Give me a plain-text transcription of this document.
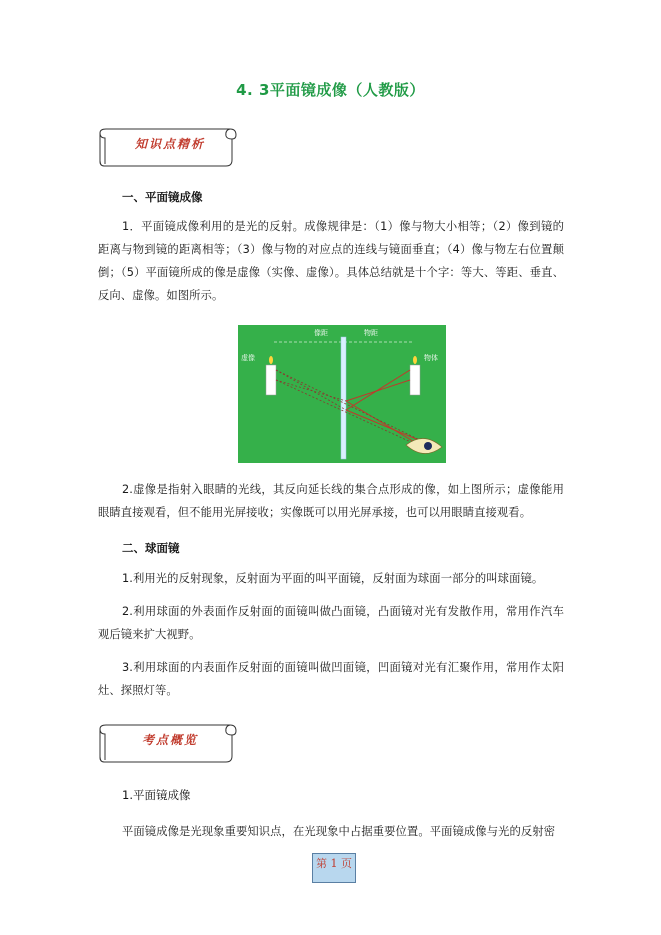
4. 3平面镜成像（人教版）
知识点精析
一、平面镜成像
1．平面镜成像利用的是光的反射。成像规律是：（1）像与物大小相等；（2）像到镜的距离与物到镜的距离相等；（3）像与物的对应点的连线与镜面垂直；（4）像与物左右位置颠倒；（5）平面镜所成的像是虚像（实像、虚像）。具体总结就是十个字：等大、等距、垂直、反向、虚像。如图所示。
像距	物距
虚像	物体
2.虚像是指射入眼睛的光线，其反向延长线的集合点形成的像，如上图所示；虚像能用眼睛直接观看，但不能用光屏接收；实像既可以用光屏承接，也可以用眼睛直接观看。
二、球面镜
1.利用光的反射现象，反射面为平面的叫平面镜，反射面为球面一部分的叫球面镜。
2.利用球面的外表面作反射面的面镜叫做凸面镜，凸面镜对光有发散作用，常用作汽车观后镜来扩大视野。
3.利用球面的内表面作反射面的面镜叫做凹面镜，凹面镜对光有汇聚作用，常用作太阳灶、探照灯等。
考点概览
1.平面镜成像
平面镜成像是光现象重要知识点，在光现象中占据重要位置。平面镜成像与光的反射密
第 1 页
